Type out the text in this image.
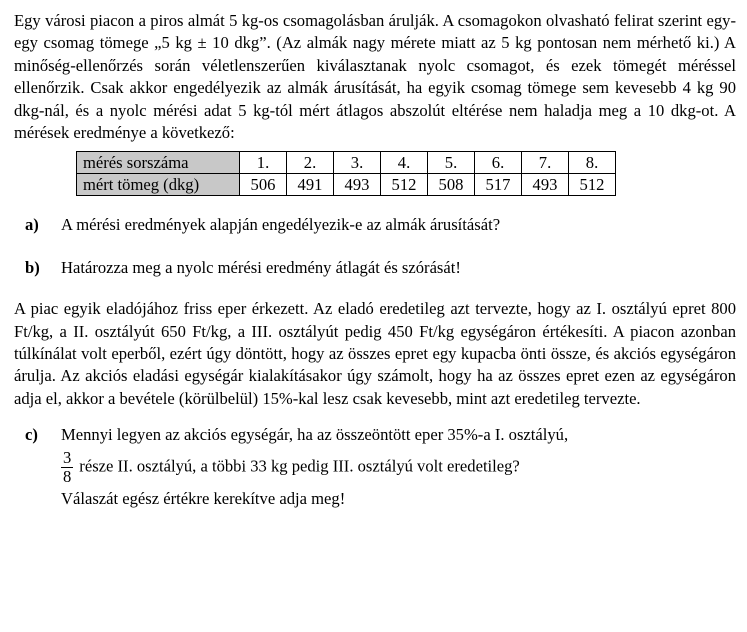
Egy városi piacon a piros almát 5 kg-os csomagolásban árulják. A csomagokon olvasható felirat szerint egy-egy csomag tömege „5 kg ± 10 dkg”. (Az almák nagy mérete miatt az 5 kg pontosan nem mérhető ki.) A minőség-ellenőrzés során véletlenszerűen kiválasztanak nyolc csomagot, és ezek tömegét méréssel ellenőrzik. Csak akkor engedélyezik az almák árusítását, ha egyik csomag tömege sem kevesebb 4 kg 90 dkg-nál, és a nyolc mérési adat 5 kg-tól mért átlagos abszolút eltérése nem haladja meg a 10 dkg-ot. A mérések eredménye a következő:

mérés sorszáma	1.	2.	3.	4.	5.	6.	7.	8.
mért tömeg (dkg)	506	491	493	512	508	517	493	512
a)	A mérési eredmények alapján engedélyezik-e az almák árusítását?
b)	Határozza meg a nyolc mérési eredmény átlagát és szórását!

A piac egyik eladójához friss eper érkezett. Az eladó eredetileg azt tervezte, hogy az I. osztályú epret 800 Ft/kg, a II. osztályút 650 Ft/kg, a III. osztályút pedig 450 Ft/kg egységáron értékesíti. A piacon azonban túlkínálat volt eperből, ezért úgy döntött, hogy az összes epret egy kupacba önti össze, és akciós egységáron árulja. Az akciós eladási egységár kialakításakor úgy számolt, hogy ha az összes epret ezen az egységáron adja el, akkor a bevétele (körülbelül) 15%-kal lesz csak kevesebb, mint azt eredetileg tervezte.

c)	Mennyi legyen az akciós egységár, ha az összeöntött eper 35%-a I. osztályú,
$\frac{3}{8}$ része II. osztályú, a többi 33 kg pedig III. osztályú volt eredetileg?
Válaszát egész értékre kerekítve adja meg!
